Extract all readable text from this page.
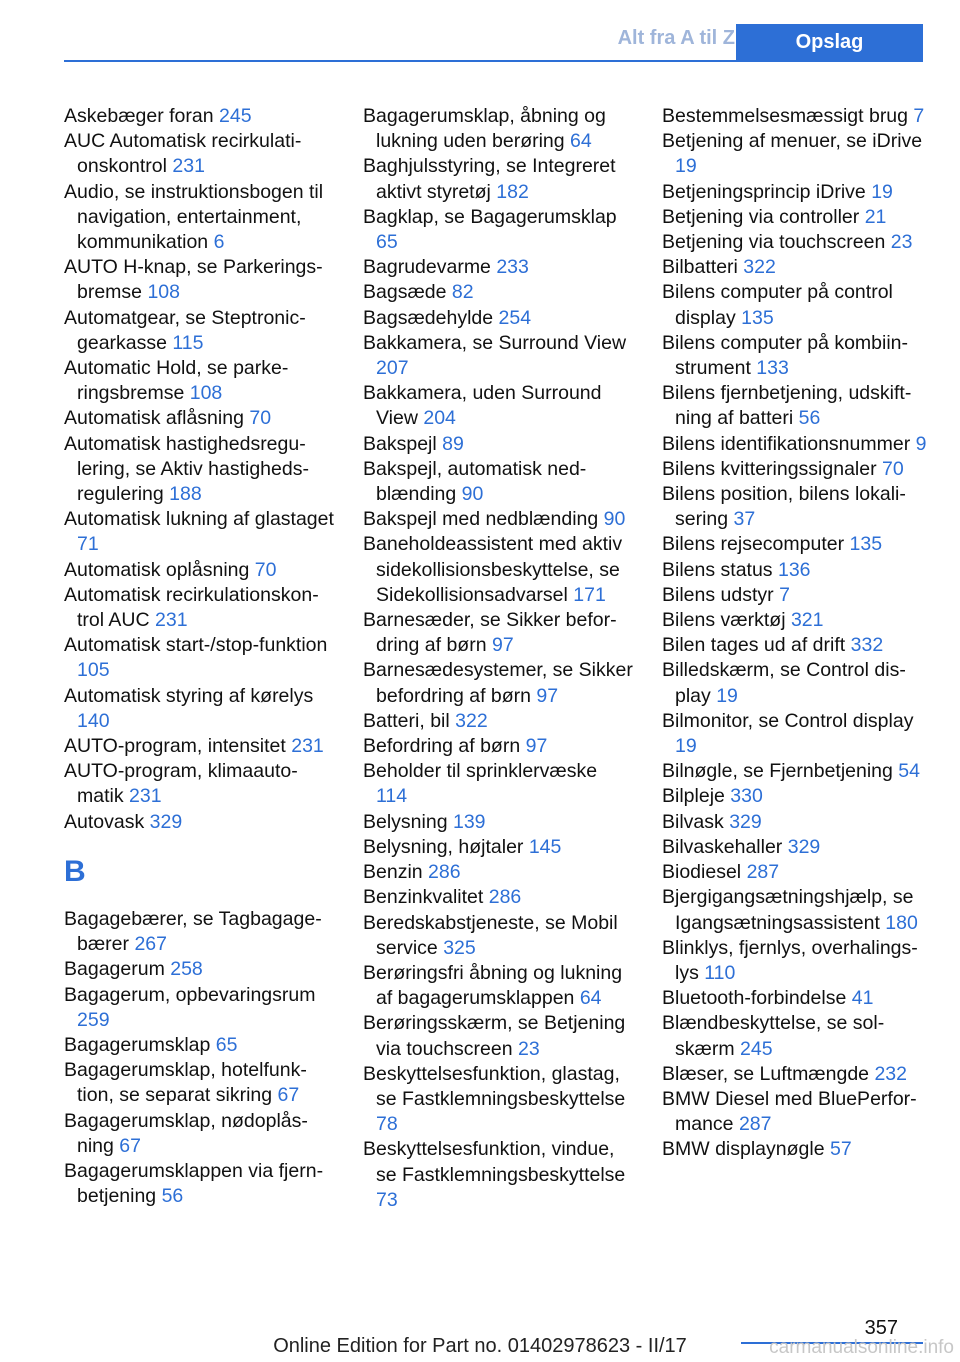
Alt fra A til Z	Opslag
Askebæger foran 245
AUC Automatisk recirkulationskontrol 231
Audio, se instruktionsbogen til navigation, entertainment, kommunikation 6
AUTO H-knap, se Parkeringsbremse 108
Automatgear, se Steptronic-gearkasse 115
Automatic Hold, se parkeringsbremse 108
Automatisk aflåsning 70
Automatisk hastighedsregulering, se Aktiv hastighedsregulering 188
Automatisk lukning af glastaget 71
Automatisk oplåsning 70
Automatisk recirkulationskontrol AUC 231
Automatisk start-/stop-funktion 105
Automatisk styring af kørelys 140
AUTO-program, intensitet 231
AUTO-program, klimaautomatik 231
Autovask 329
B
Bagagebærer, se Tagbagagebærer 267
Bagagerum 258
Bagagerum, opbevaringsrum 259
Bagagerumsklap 65
Bagagerumsklap, hotelfunktion, se separat sikring 67
Bagagerumsklap, nødoplåsning 67
Bagagerumsklappen via fjernbetjening 56
Bagagerumsklap, åbning og lukning uden berøring 64
Baghjulsstyring, se Integreret aktivt styretøj 182
Bagklap, se Bagagerumsklap 65
Bagrudevarme 233
Bagsæde 82
Bagsædehylde 254
Bakkamera, se Surround View 207
Bakkamera, uden Surround View 204
Bakspejl 89
Bakspejl, automatisk nedblænding 90
Bakspejl med nedblænding 90
Baneholdeassistent med aktiv sidekollisionsbeskyttelse, se Sidekollisionsadvarsel 171
Barnesæder, se Sikker befordring af børn 97
Barnesædesystemer, se Sikker befordring af børn 97
Batteri, bil 322
Befordring af børn 97
Beholder til sprinklervæske 114
Belysning 139
Belysning, højtaler 145
Benzin 286
Benzinkvalitet 286
Beredskabstjeneste, se Mobil service 325
Berøringsfri åbning og lukning af bagagerumsklappen 64
Berøringsskærm, se Betjening via touchscreen 23
Beskyttelsesfunktion, glastag, se Fastklemningsbeskyttelse 78
Beskyttelsesfunktion, vindue, se Fastklemningsbeskyttelse 73
Bestemmelsesmæssigt brug 7
Betjening af menuer, se iDrive 19
Betjeningsprincip iDrive 19
Betjening via controller 21
Betjening via touchscreen 23
Bilbatteri 322
Bilens computer på control display 135
Bilens computer på kombiinstrument 133
Bilens fjernbetjening, udskiftning af batteri 56
Bilens identifikationsnummer 9
Bilens kvitteringssignaler 70
Bilens position, bilens lokalisering 37
Bilens rejsecomputer 135
Bilens status 136
Bilens udstyr 7
Bilens værktøj 321
Bilen tages ud af drift 332
Billedskærm, se Control display 19
Bilmonitor, se Control display 19
Bilnøgle, se Fjernbetjening 54
Bilpleje 330
Bilvask 329
Bilvaskehaller 329
Biodiesel 287
Bjergigangsætningshjælp, se Igangsætningsassistent 180
Blinklys, fjernlys, overhalingslys 110
Bluetooth-forbindelse 41
Blændbeskyttelse, se solskærm 245
Blæser, se Luftmængde 232
BMW Diesel med BluePerformance 287
BMW displaynøgle 57
357
Online Edition for Part no. 01402978623 - II/17	carmanualsonline.info
